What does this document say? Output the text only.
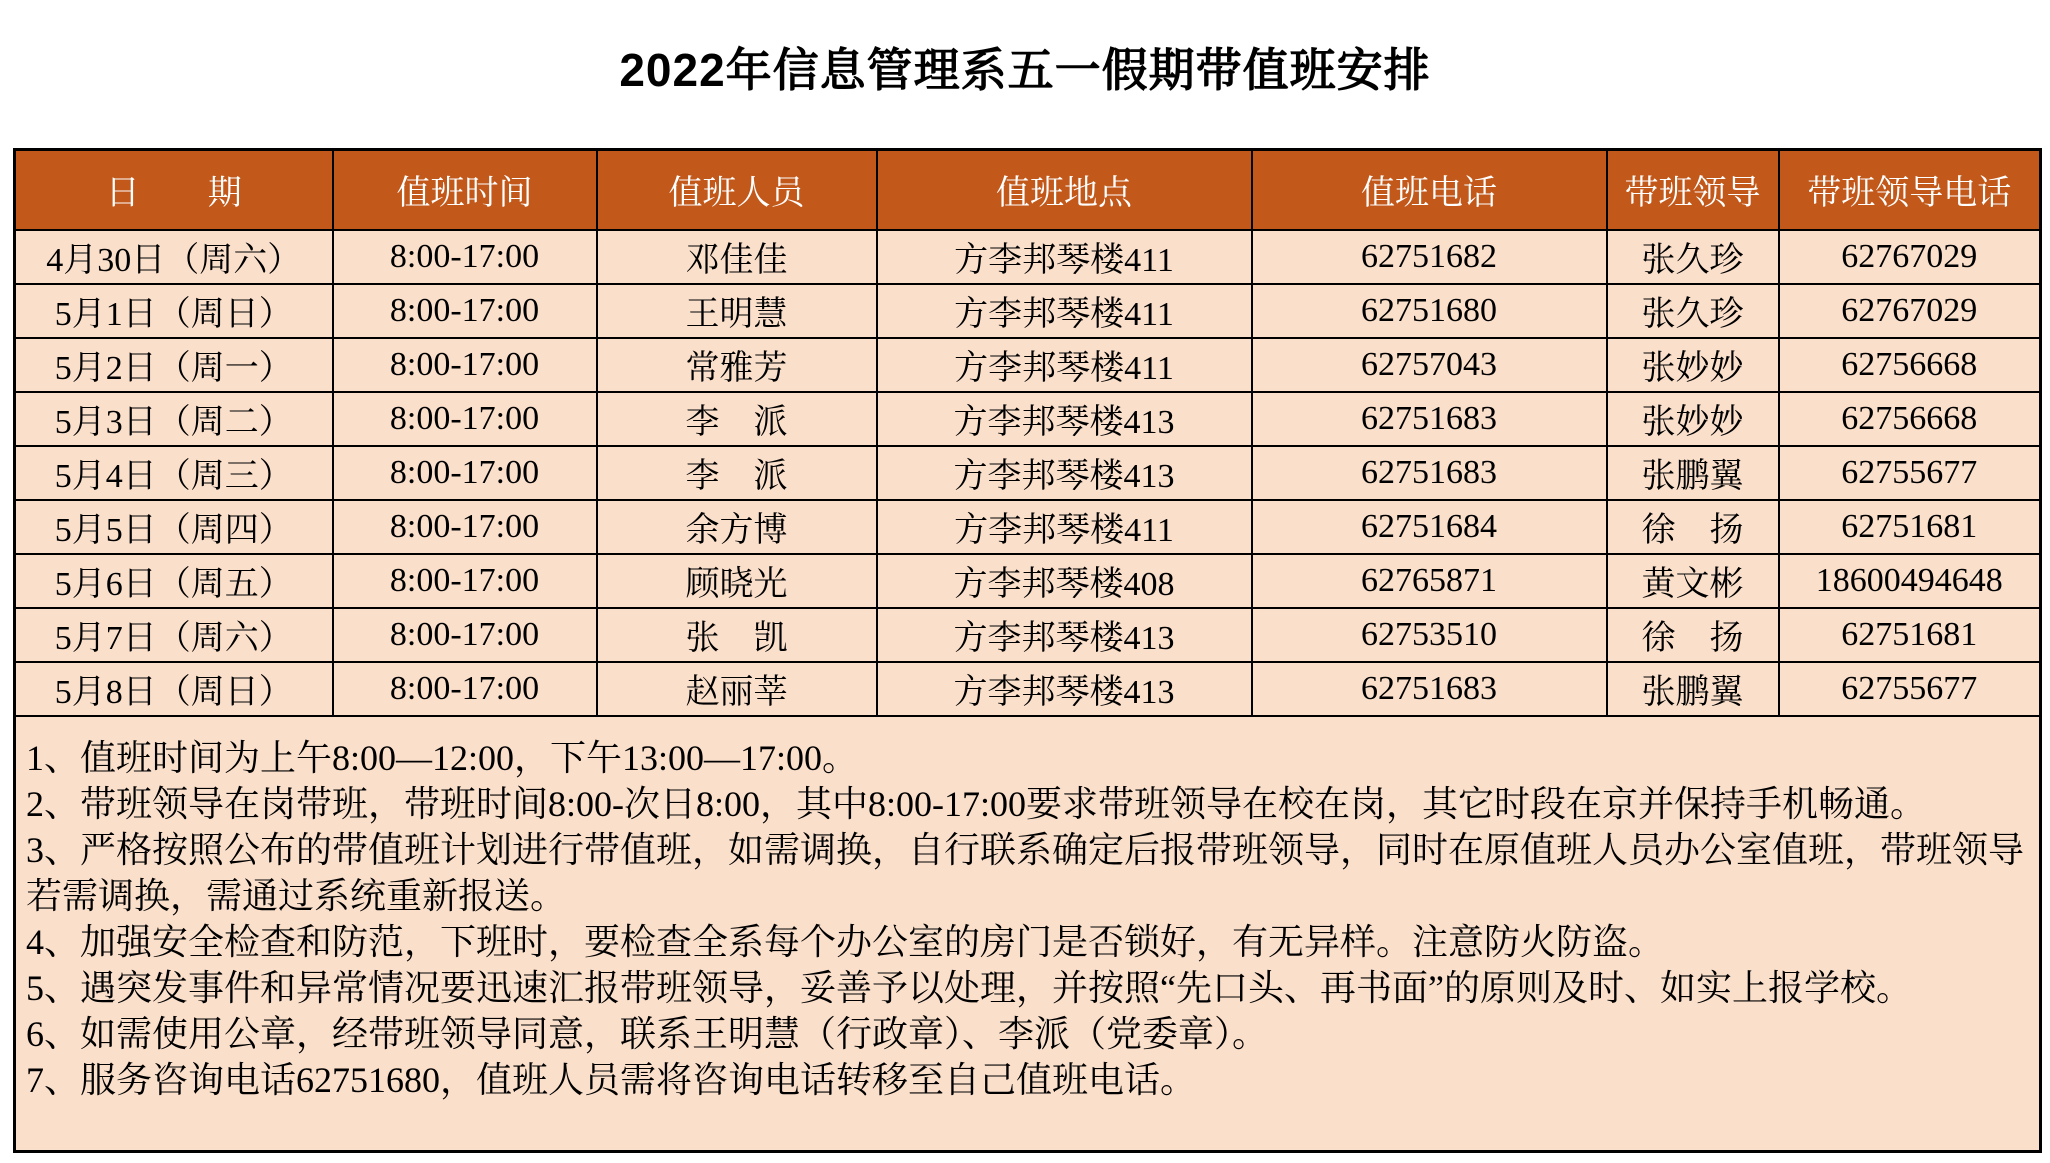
2022年信息管理系五一假期带值班安排
日　　期	值班时间	值班人员	值班地点	值班电话	带班领导	带班领导电话
4月30日（周六）	8:00-17:00	邓佳佳	方李邦琴楼411	62751682	张久珍	62767029
5月1日（周日）	8:00-17:00	王明慧	方李邦琴楼411	62751680	张久珍	62767029
5月2日（周一）	8:00-17:00	常雅芳	方李邦琴楼411	62757043	张妙妙	62756668
5月3日（周二）	8:00-17:00	李　派	方李邦琴楼413	62751683	张妙妙	62756668
5月4日（周三）	8:00-17:00	李　派	方李邦琴楼413	62751683	张鹏翼	62755677
5月5日（周四）	8:00-17:00	余方博	方李邦琴楼411	62751684	徐　扬	62751681
5月6日（周五）	8:00-17:00	顾晓光	方李邦琴楼408	62765871	黄文彬	18600494648
5月7日（周六）	8:00-17:00	张　凯	方李邦琴楼413	62753510	徐　扬	62751681
5月8日（周日）	8:00-17:00	赵丽莘	方李邦琴楼413	62751683	张鹏翼	62755677

1、值班时间为上午8:00—12:00，下午13:00—17:00。

2、带班领导在岗带班，带班时间8:00-次日8:00，其中8:00-17:00要求带班领导在校在岗，其它时段在京并保持手机畅通。

3、严格按照公布的带值班计划进行带值班，如需调换，自行联系确定后报带班领导，同时在原值班人员办公室值班，带班领导若需调换，需通过系统重新报送。

4、加强安全检查和防范，下班时，要检查全系每个办公室的房门是否锁好，有无异样。注意防火防盗。

5、遇突发事件和异常情况要迅速汇报带班领导，妥善予以处理，并按照“先口头、再书面”的原则及时、如实上报学校。

6、如需使用公章，经带班领导同意，联系王明慧（行政章）、李派（党委章）。

7、服务咨询电话62751680，值班人员需将咨询电话转移至自己值班电话。
